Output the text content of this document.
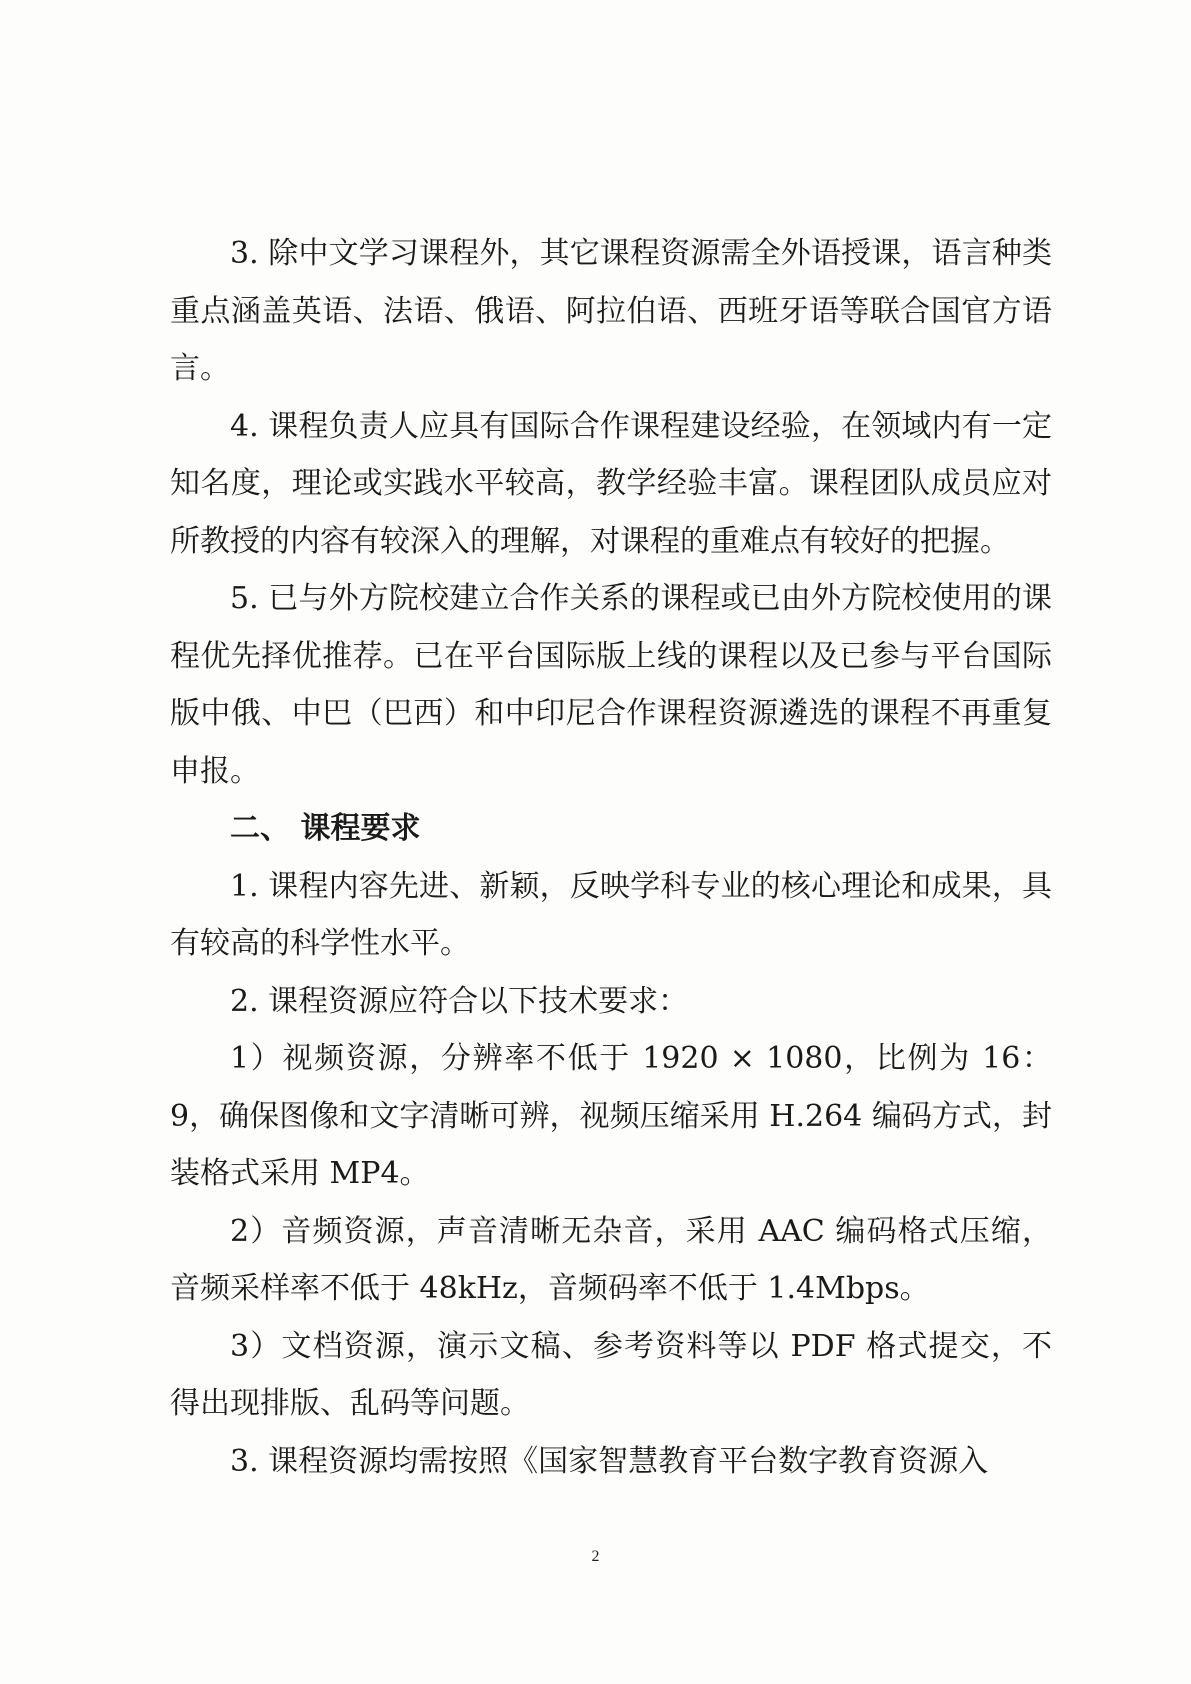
3. 除中文学习课程外，其它课程资源需全外语授课，语言种类重点涵盖英语、法语、俄语、阿拉伯语、西班牙语等联合国官方语言。

4. 课程负责人应具有国际合作课程建设经验，在领域内有一定知名度，理论或实践水平较高，教学经验丰富。课程团队成员应对所教授的内容有较深入的理解，对课程的重难点有较好的把握。

5. 已与外方院校建立合作关系的课程或已由外方院校使用的课程优先择优推荐。已在平台国际版上线的课程以及已参与平台国际版中俄、中巴（巴西）和中印尼合作课程资源遴选的课程不再重复申报。

二、 课程要求

1. 课程内容先进、新颖，反映学科专业的核心理论和成果，具有较高的科学性水平。

2. 课程资源应符合以下技术要求：

1）视频资源，分辨率不低于 1920 × 1080，比例为 16：9，确保图像和文字清晰可辨，视频压缩采用 H.264 编码方式，封装格式采用 MP4。

2）音频资源，声音清晰无杂音，采用 AAC 编码格式压缩，音频采样率不低于 48kHz，音频码率不低于 1.4Mbps。

3）文档资源，演示文稿、参考资料等以 PDF 格式提交，不得出现排版、乱码等问题。

3. 课程资源均需按照《国家智慧教育平台数字教育资源入

2
